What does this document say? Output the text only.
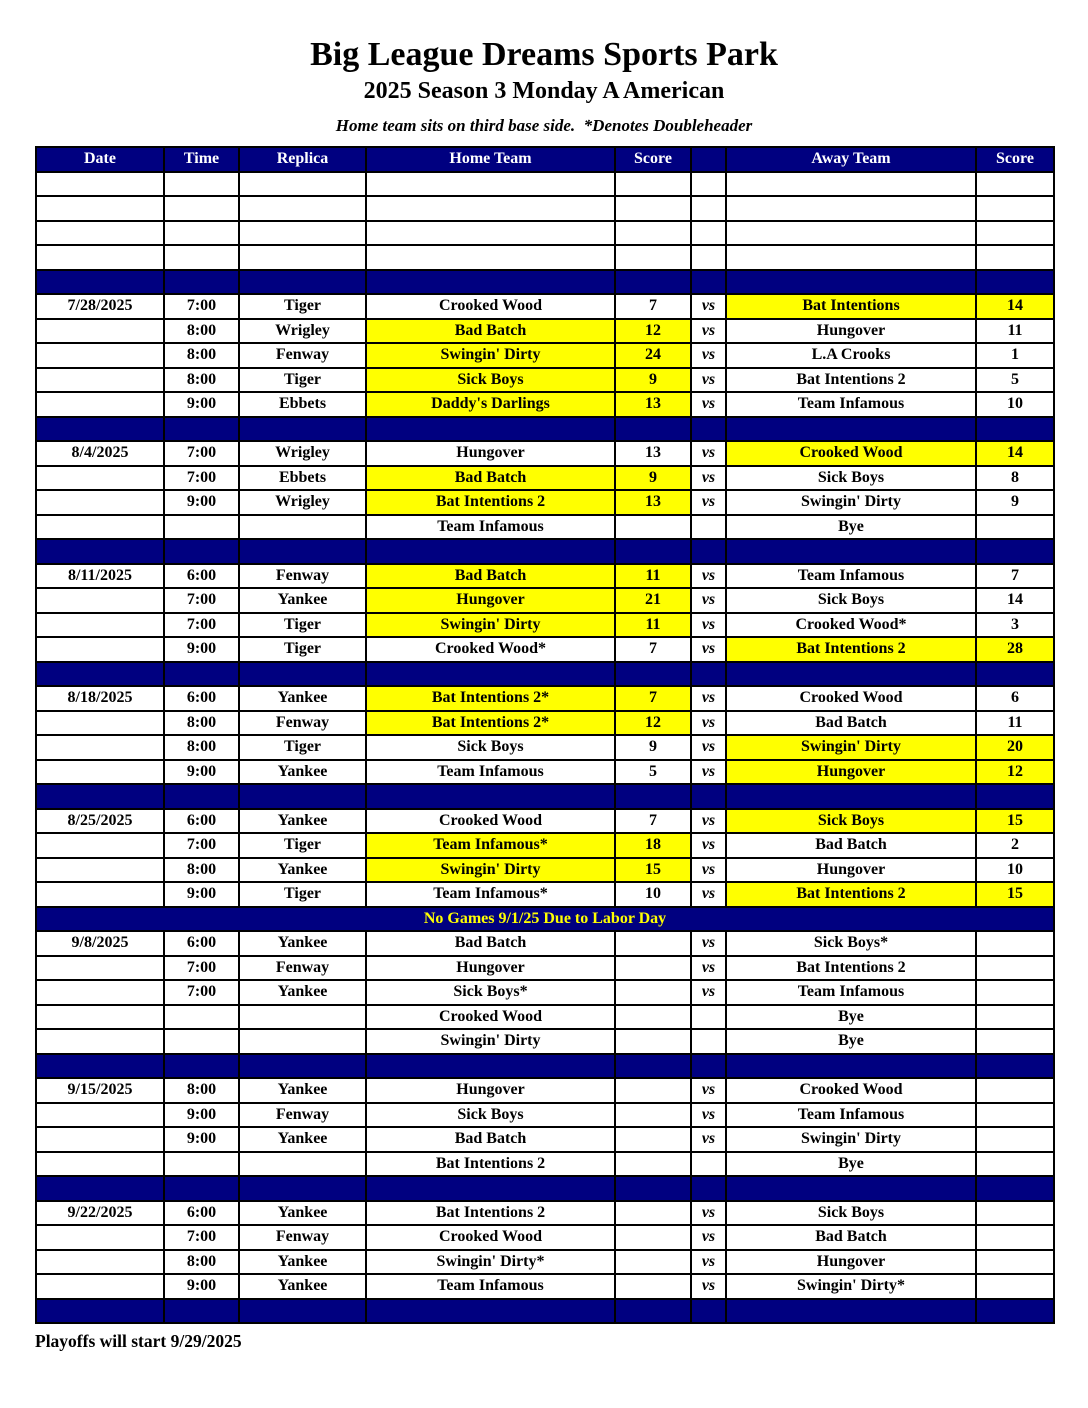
Big League Dreams Sports Park
2025 Season 3 Monday A American
Home team sits on third base side.  *Denotes Doubleheader
Date	Time	Replica	Home Team	Score		Away Team	Score

7/28/2025	7:00	Tiger	Crooked Wood	7	vs	Bat Intentions	14
	8:00	Wrigley	Bad Batch	12	vs	Hungover	11
	8:00	Fenway	Swingin' Dirty	24	vs	L.A Crooks	1
	8:00	Tiger	Sick Boys	9	vs	Bat Intentions 2	5
	9:00	Ebbets	Daddy's Darlings	13	vs	Team Infamous	10

8/4/2025	7:00	Wrigley	Hungover	13	vs	Crooked Wood	14
	7:00	Ebbets	Bad Batch	9	vs	Sick Boys	8
	9:00	Wrigley	Bat Intentions 2	13	vs	Swingin' Dirty	9
			Team Infamous			Bye	

8/11/2025	6:00	Fenway	Bad Batch	11	vs	Team Infamous	7
	7:00	Yankee	Hungover	21	vs	Sick Boys	14
	7:00	Tiger	Swingin' Dirty	11	vs	Crooked Wood*	3
	9:00	Tiger	Crooked Wood*	7	vs	Bat Intentions 2	28

8/18/2025	6:00	Yankee	Bat Intentions 2*	7	vs	Crooked Wood	6
	8:00	Fenway	Bat Intentions 2*	12	vs	Bad Batch	11
	8:00	Tiger	Sick Boys	9	vs	Swingin' Dirty	20
	9:00	Yankee	Team Infamous	5	vs	Hungover	12

8/25/2025	6:00	Yankee	Crooked Wood	7	vs	Sick Boys	15
	7:00	Tiger	Team Infamous*	18	vs	Bad Batch	2
	8:00	Yankee	Swingin' Dirty	15	vs	Hungover	10
	9:00	Tiger	Team Infamous*	10	vs	Bat Intentions 2	15
No Games 9/1/25 Due to Labor Day							
9/8/2025	6:00	Yankee	Bad Batch		vs	Sick Boys*	
	7:00	Fenway	Hungover		vs	Bat Intentions 2	
	7:00	Yankee	Sick Boys*		vs	Team Infamous	
			Crooked Wood			Bye	
			Swingin' Dirty			Bye	

9/15/2025	8:00	Yankee	Hungover		vs	Crooked Wood	
	9:00	Fenway	Sick Boys		vs	Team Infamous	
	9:00	Yankee	Bad Batch		vs	Swingin' Dirty	
			Bat Intentions 2			Bye	

9/22/2025	6:00	Yankee	Bat Intentions 2		vs	Sick Boys	
	7:00	Fenway	Crooked Wood		vs	Bad Batch	
	8:00	Yankee	Swingin' Dirty*		vs	Hungover	
	9:00	Yankee	Team Infamous		vs	Swingin' Dirty*	

Playoffs will start 9/29/2025
